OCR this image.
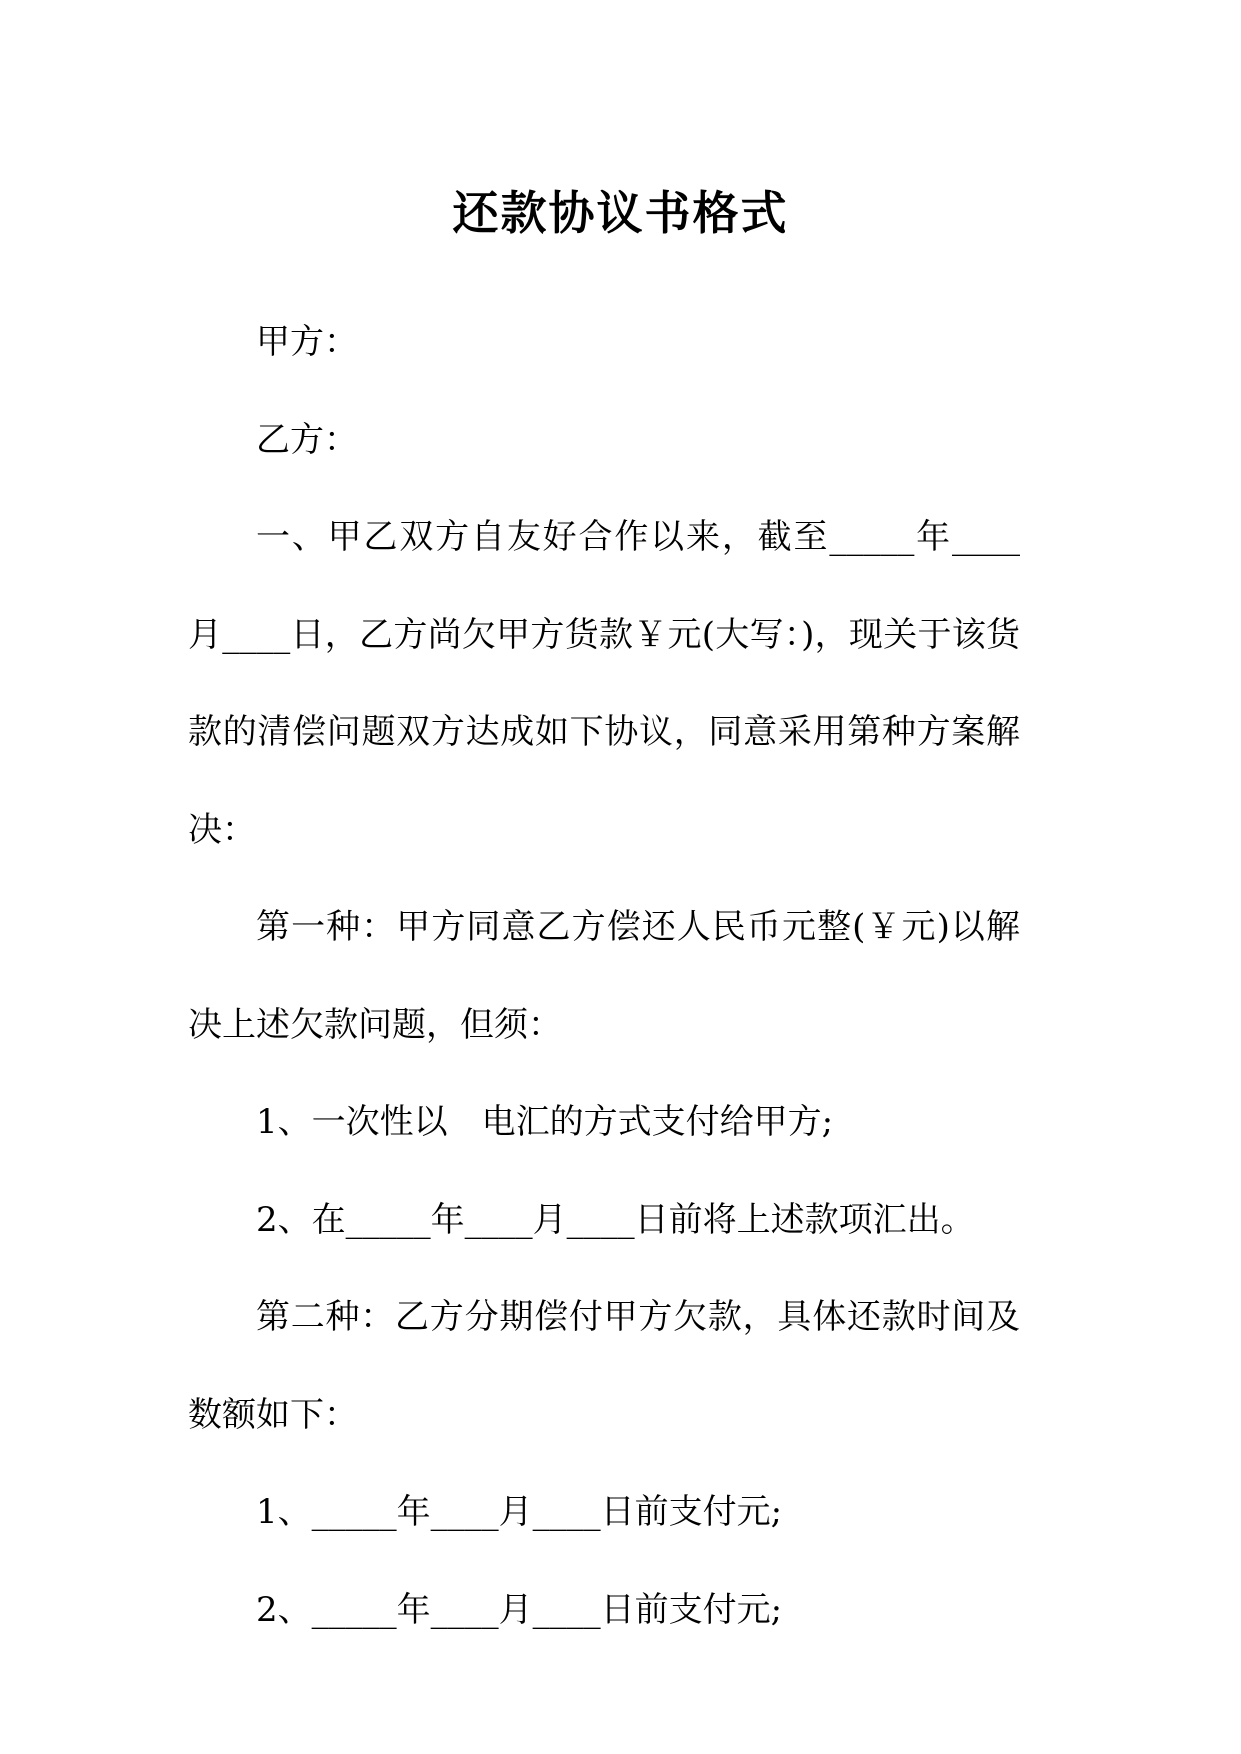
还款协议书格式

甲方：

乙方：

一、甲乙双方自友好合作以来，截至_____年____月____日，乙方尚欠甲方货款￥元(大写：)，现关于该货款的清偿问题双方达成如下协议，同意采用第种方案解决：

第一种：甲方同意乙方偿还人民币元整(￥元)以解决上述欠款问题，但须：

1、一次性以　电汇的方式支付给甲方;

2、在_____年____月____日前将上述款项汇出。

第二种：乙方分期偿付甲方欠款，具体还款时间及数额如下：

1、_____年____月____日前支付元;

2、_____年____月____日前支付元;
